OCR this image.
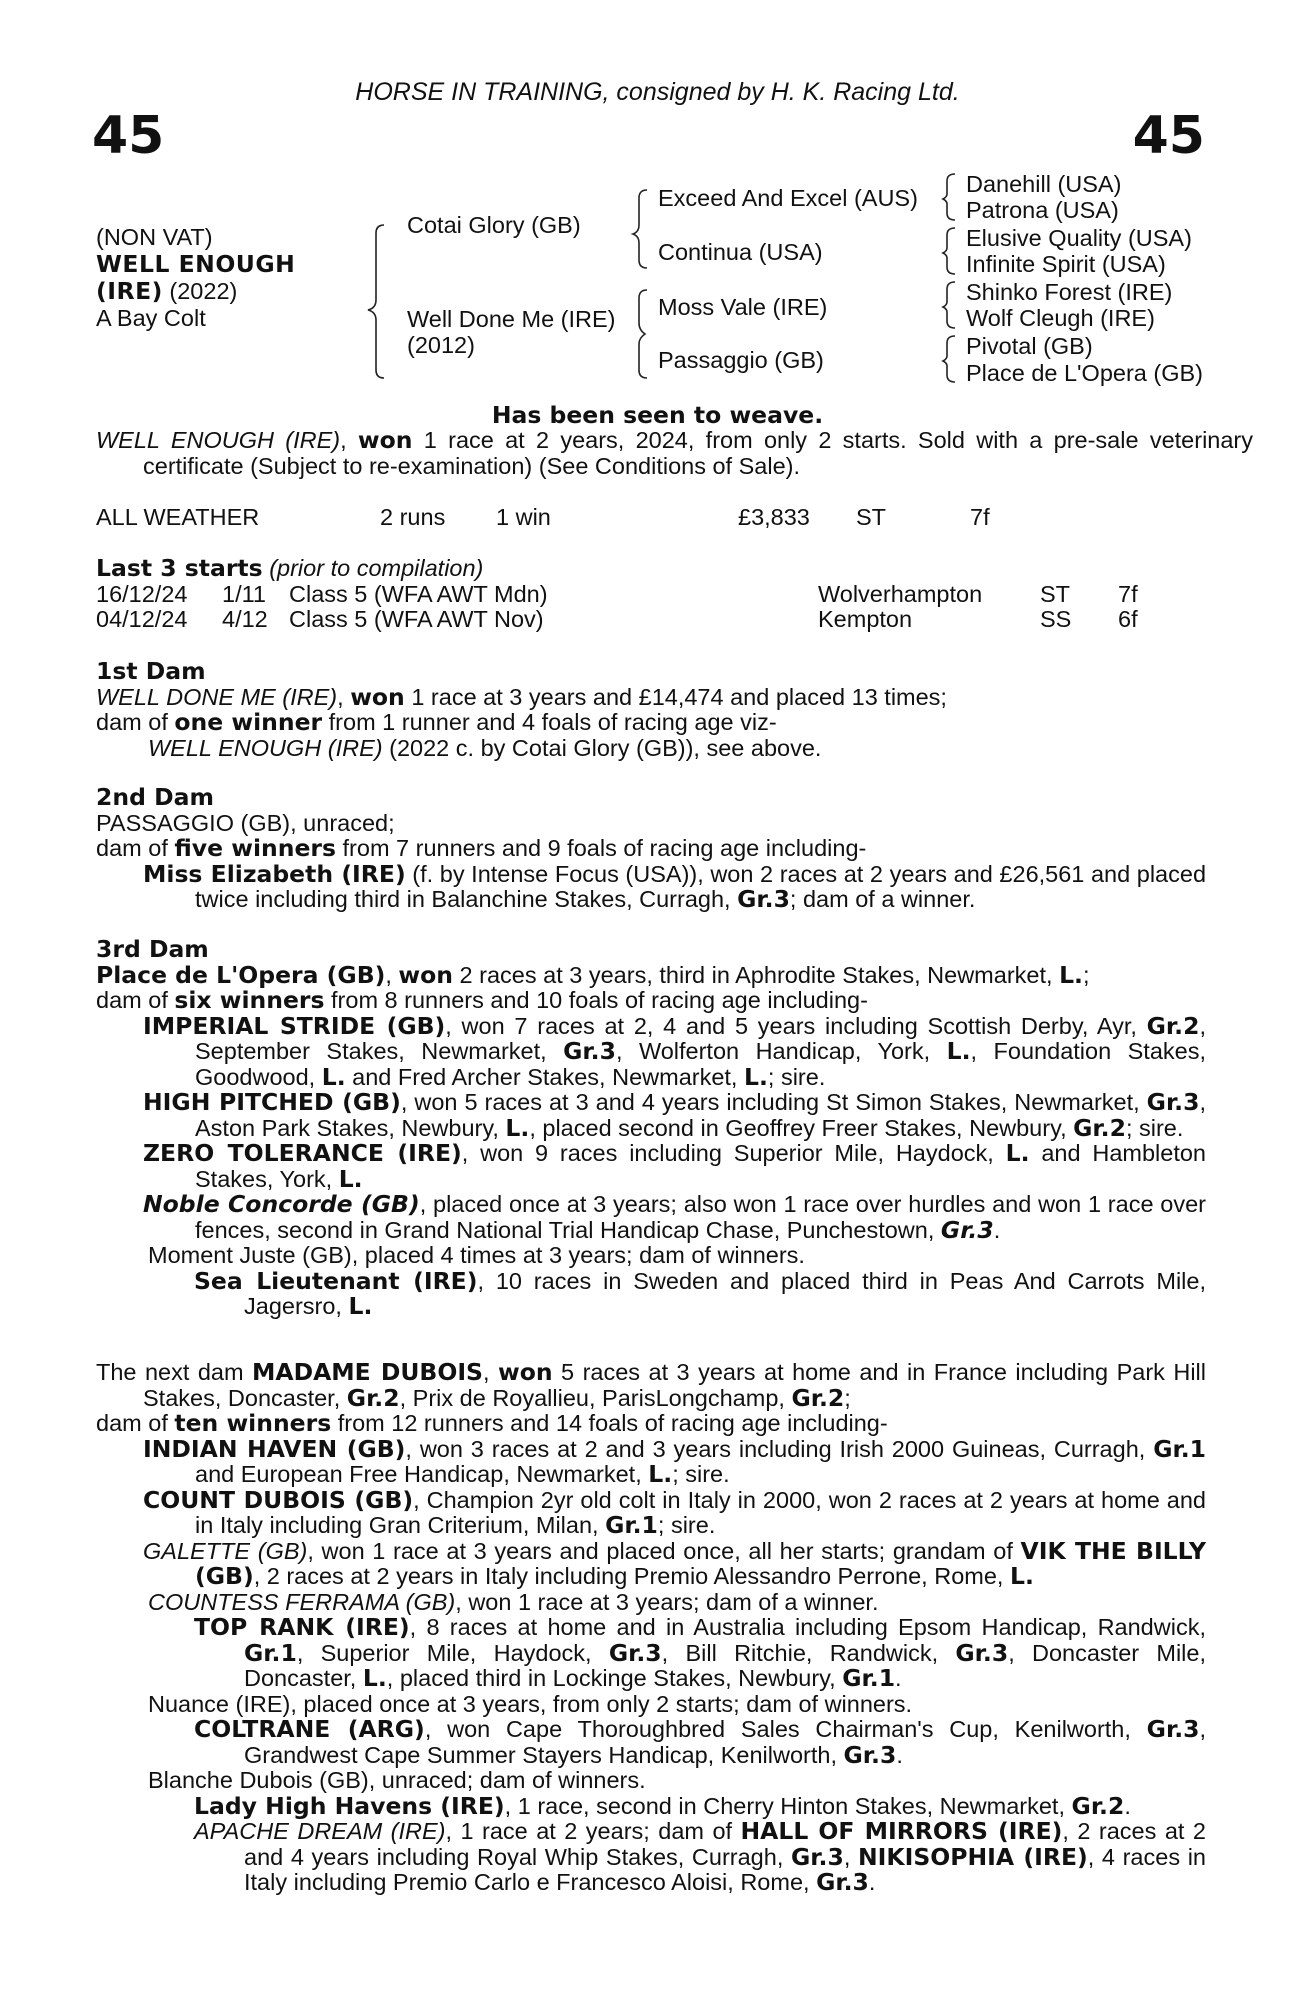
HORSE IN TRAINING, consigned by H. K. Racing Ltd.
45	45
(NON VAT)
WELL ENOUGH
(IRE) (2022)
A Bay Colt
Cotai Glory (GB)
Well Done Me (IRE)
(2012)
Exceed And Excel (AUS)
Continua (USA)
Moss Vale (IRE)
Passaggio (GB)
Danehill (USA)
Patrona (USA)
Elusive Quality (USA)
Infinite Spirit (USA)
Shinko Forest (IRE)
Wolf Cleugh (IRE)
Pivotal (GB)
Place de L'Opera (GB)
Has been seen to weave.
WELL ENOUGH (IRE), won 1 race at 2 years, 2024, from only 2 starts. Sold with a pre-sale veterinary certificate (Subject to re-examination) (See Conditions of Sale).
ALL WEATHER	2 runs 1 win	£3,833 ST	7f
Last 3 starts (prior to compilation)
16/12/24 1/11 Class 5 (WFA AWT Mdn)	Wolverhampton ST 7f
04/12/24 4/12 Class 5 (WFA AWT Nov)	Kempton	SS 6f
1st Dam
WELL DONE ME (IRE), won 1 race at 3 years and £14,474 and placed 13 times;
dam of one winner from 1 runner and 4 foals of racing age viz-
WELL ENOUGH (IRE) (2022 c. by Cotai Glory (GB)), see above.
2nd Dam
PASSAGGIO (GB), unraced;
dam of five winners from 7 runners and 9 foals of racing age including-
Miss Elizabeth (IRE) (f. by Intense Focus (USA)), won 2 races at 2 years and £26,561 and placed twice including third in Balanchine Stakes, Curragh, Gr.3; dam of a winner.
3rd Dam
Place de L'Opera (GB), won 2 races at 3 years, third in Aphrodite Stakes, Newmarket, L.;
dam of six winners from 8 runners and 10 foals of racing age including-
IMPERIAL STRIDE (GB), won 7 races at 2, 4 and 5 years including Scottish Derby, Ayr, Gr.2, September Stakes, Newmarket, Gr.3, Wolferton Handicap, York, L., Foundation Stakes, Goodwood, L. and Fred Archer Stakes, Newmarket, L.; sire.
HIGH PITCHED (GB), won 5 races at 3 and 4 years including St Simon Stakes, Newmarket, Gr.3, Aston Park Stakes, Newbury, L., placed second in Geoffrey Freer Stakes, Newbury, Gr.2; sire.
ZERO TOLERANCE (IRE), won 9 races including Superior Mile, Haydock, L. and Hambleton Stakes, York, L.
Noble Concorde (GB), placed once at 3 years; also won 1 race over hurdles and won 1 race over fences, second in Grand National Trial Handicap Chase, Punchestown, Gr.3.
Moment Juste (GB), placed 4 times at 3 years; dam of winners.
Sea Lieutenant (IRE), 10 races in Sweden and placed third in Peas And Carrots Mile, Jagersro, L.
The next dam MADAME DUBOIS, won 5 races at 3 years at home and in France including Park Hill Stakes, Doncaster, Gr.2, Prix de Royallieu, ParisLongchamp, Gr.2;
dam of ten winners from 12 runners and 14 foals of racing age including-
INDIAN HAVEN (GB), won 3 races at 2 and 3 years including Irish 2000 Guineas, Curragh, Gr.1 and European Free Handicap, Newmarket, L.; sire.
COUNT DUBOIS (GB), Champion 2yr old colt in Italy in 2000, won 2 races at 2 years at home and in Italy including Gran Criterium, Milan, Gr.1; sire.
GALETTE (GB), won 1 race at 3 years and placed once, all her starts; grandam of VIK THE BILLY (GB), 2 races at 2 years in Italy including Premio Alessandro Perrone, Rome, L.
COUNTESS FERRAMA (GB), won 1 race at 3 years; dam of a winner.
TOP RANK (IRE), 8 races at home and in Australia including Epsom Handicap, Randwick, Gr.1, Superior Mile, Haydock, Gr.3, Bill Ritchie, Randwick, Gr.3, Doncaster Mile, Doncaster, L., placed third in Lockinge Stakes, Newbury, Gr.1.
Nuance (IRE), placed once at 3 years, from only 2 starts; dam of winners.
COLTRANE (ARG), won Cape Thoroughbred Sales Chairman's Cup, Kenilworth, Gr.3, Grandwest Cape Summer Stayers Handicap, Kenilworth, Gr.3.
Blanche Dubois (GB), unraced; dam of winners.
Lady High Havens (IRE), 1 race, second in Cherry Hinton Stakes, Newmarket, Gr.2.
APACHE DREAM (IRE), 1 race at 2 years; dam of HALL OF MIRRORS (IRE), 2 races at 2 and 4 years including Royal Whip Stakes, Curragh, Gr.3, NIKISOPHIA (IRE), 4 races in Italy including Premio Carlo e Francesco Aloisi, Rome, Gr.3.
